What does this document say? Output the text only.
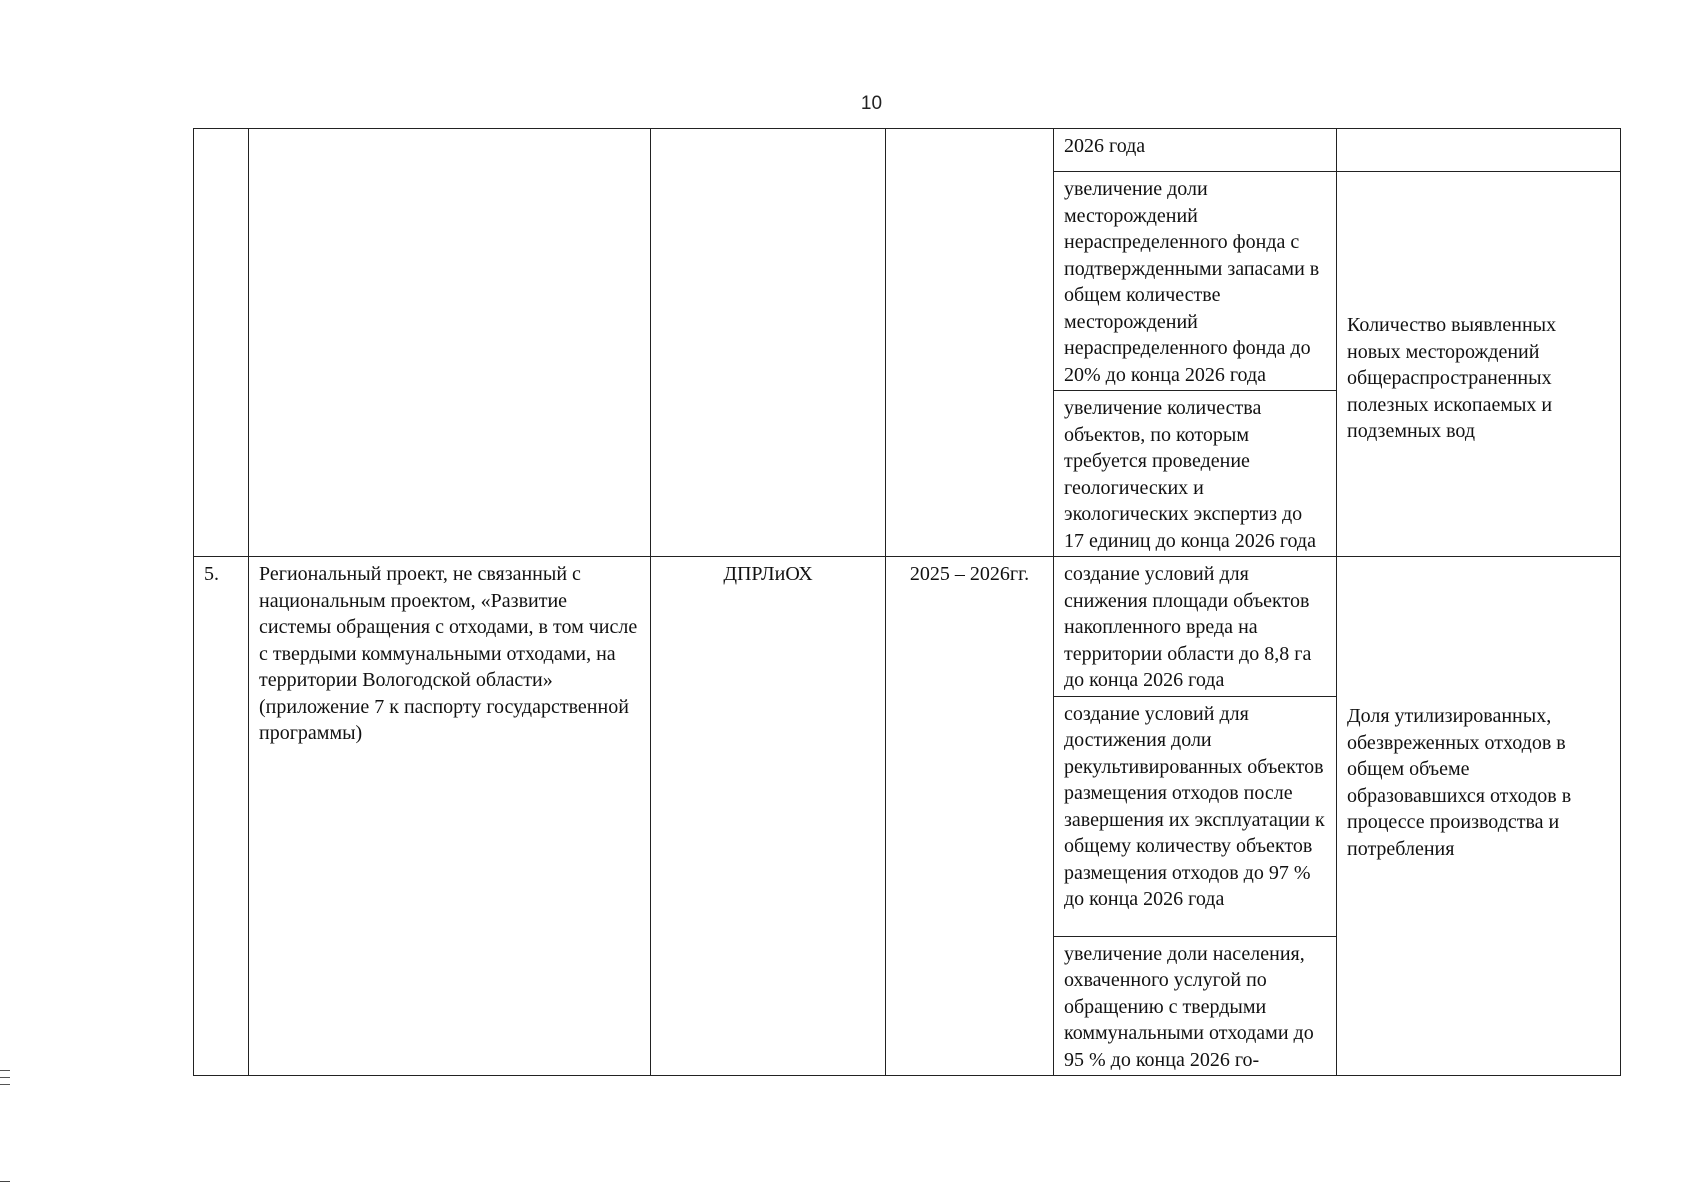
10
				2026 года	
				увеличение доли месторождений нераспределенного фонда с подтвержденными запасами в общем количестве месторождений нераспределенного фонда до 20% до конца 2026 года	Количество выявленных новых месторождений общераспространенных полезных ископаемых и подземных вод
				увеличение количества объектов, по которым требуется проведение геологических и экологических экспертиз до 17 единиц до конца 2026 года	
5.	Региональный проект, не связанный с национальным проектом, «Развитие системы обращения с отходами, в том числе с твердыми коммунальными отходами, на территории Вологодской области» (приложение 7 к паспорту государственной программы)	ДПРЛиОХ	2025 – 2026гг.	создание условий для снижения площади объектов накопленного вреда на территории области до 8,8 га до конца 2026 года	Доля утилизированных, обезвреженных отходов в общем объеме образовавшихся отходов в процессе производства и потребления
				создание условий для достижения доли рекультивированных объектов размещения отходов после завершения их эксплуатации к общему количеству объектов размещения отходов до 97 % до конца 2026 года	
				увеличение доли населения, охваченного услугой по обращению с твердыми коммунальными отходами до 95 % до конца 2026 го-	
